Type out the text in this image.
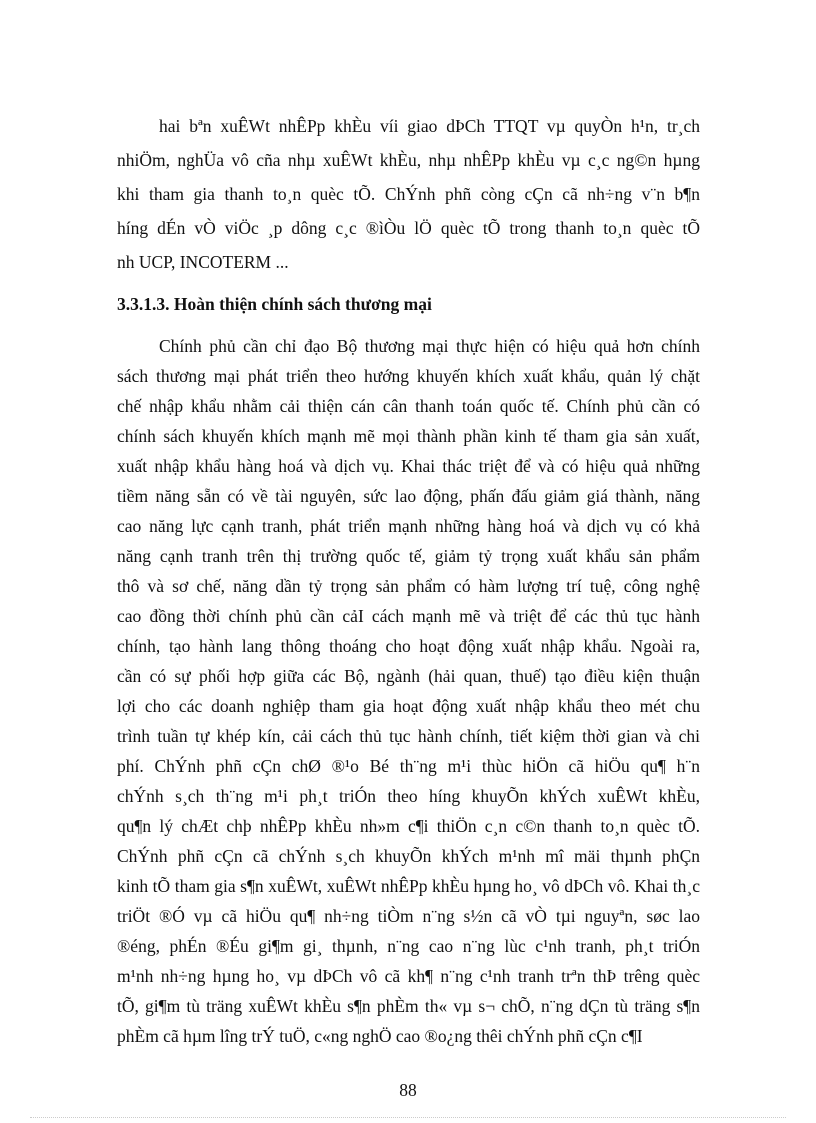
hai bªn xuÊWt nhÊPp khÈu víi giao dÞCh TTQT vµ quyÒn h¹n, tr¸ch
nhiÖm, nghÜa vô cña nhµ xuÊWt khÈu, nhµ nhÊPp khÈu vµ c¸c ng©n hµng
khi tham gia thanh to¸n quèc tÕ. ChÝnh phñ còng cÇn cã nh÷ng v¨n b¶n
híng dÉn vÒ viÖc ¸p dông c¸c ®ìÒu lÖ quèc tÕ trong thanh to¸n quèc tÕ
nh UCP, INCOTERM ...
3.3.1.3. Hoàn thiện chính sách thương mại
Chính phủ cần chỉ đạo Bộ thương mại thực hiện có hiệu quả hơn chính
sách thương mại phát triển theo hướng khuyến khích xuất khẩu, quản lý chặt
chế nhập khẩu nhằm cải thiện cán cân thanh toán quốc tế. Chính phủ cần có
chính sách khuyến khích mạnh mẽ mọi thành phần kinh tế tham gia sản xuất,
xuất nhập khẩu hàng hoá và dịch vụ. Khai thác triệt để và có hiệu quả những
tiềm năng sẵn có về tài nguyên, sức lao động, phấn đấu giảm giá thành, năng
cao năng lực cạnh tranh, phát triển mạnh những hàng hoá và dịch vụ có khả
năng cạnh tranh trên thị trường quốc tế, giảm tỷ trọng xuất khẩu sản phẩm
thô và sơ chế, năng dần tỷ trọng sản phẩm có hàm lượng trí tuệ, công nghệ
cao đồng thời chính phủ cần cảI cách mạnh mẽ và triệt để các thủ tục hành
chính, tạo hành lang thông thoáng cho hoạt động xuất nhập khẩu. Ngoài ra,
cần có sự phối hợp giữa các Bộ, ngành (hải quan, thuế) tạo điều kiện thuận
lợi cho các doanh nghiệp tham gia hoạt động xuất nhập khẩu theo mét chu
trình tuần tự khép kín, cải cách thủ tục hành chính, tiết kiệm thời gian và chi
phí. ChÝnh phñ cÇn chØ ®¹o Bé th¨ng m¹i thùc hiÖn cã hiÖu qu¶ h¨n
chÝnh s¸ch th¨ng m¹i ph¸t triÓn theo híng khuyÕn khÝch xuÊWt khÈu,
qu¶n lý chÆt chþ nhÊPp khÈu nh»m c¶i thiÖn c¸n c©n thanh to¸n quèc tÕ.
ChÝnh phñ cÇn cã chÝnh s¸ch khuyÕn khÝch m¹nh mî mäi thµnh phÇn
kinh tÕ tham gia s¶n xuÊWt, xuÊWt nhÊPp khÈu hµng ho¸ vô dÞCh vô. Khai th¸c
triÖt ®Ó vµ cã hiÖu qu¶ nh÷ng tiÒm n¨ng s½n cã vÒ tµi nguyªn, søc lao
®éng, phÉn ®Éu gi¶m gi¸ thµnh, n¨ng cao n¨ng lùc c¹nh tranh, ph¸t triÓn
m¹nh nh÷ng hµng ho¸ vµ dÞCh vô cã kh¶ n¨ng c¹nh tranh trªn thÞ trêng quèc
tÕ, gi¶m tù träng xuÊWt khÈu s¶n phÈm th« vµ s¬ chÕ, n¨ng dÇn tù träng s¶n
phÈm cã hµm lîng trÝ tuÖ, c«ng nghÖ cao ®o¿ng thêi chÝnh phñ cÇn c¶I
88
